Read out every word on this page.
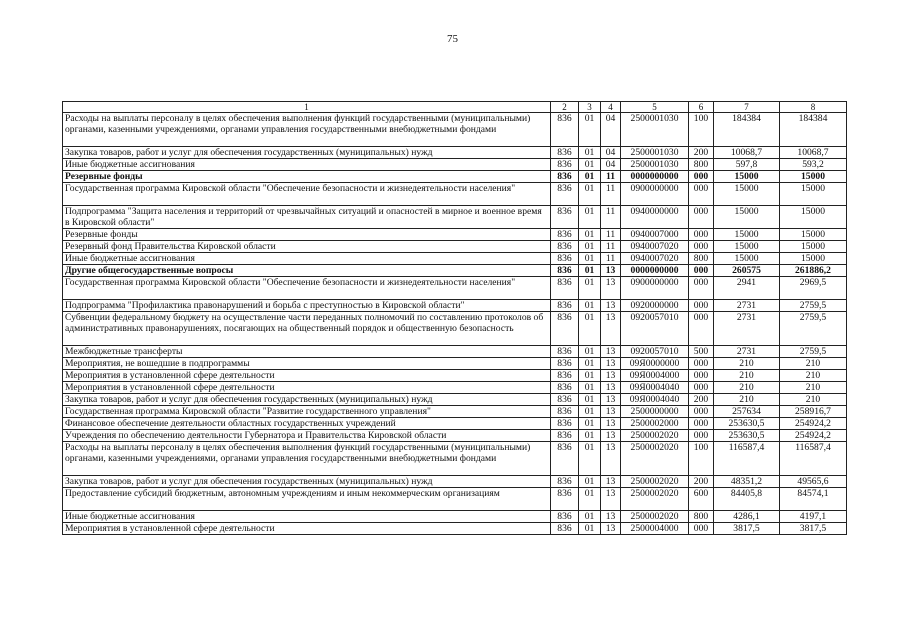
75
1	2	3	4	5	6	7	8
Расходы на выплаты персоналу в целях обеспечения выполнения функций государственными (муниципальными) органами, казенными учреждениями, органами управления государственными внебюджетными фондами	836	01	04	2500001030	100	184384	184384
Закупка товаров, работ и услуг для обеспечения государственных (муниципальных) нужд	836	01	04	2500001030	200	10068,7	10068,7
Иные бюджетные ассигнования	836	01	04	2500001030	800	597,8	593,2
Резервные фонды	836	01	11	0000000000	000	15000	15000
Государственная программа Кировской области "Обеспечение безопасности и жизнедеятельности населения"	836	01	11	0900000000	000	15000	15000
Подпрограмма "Защита населения и территорий от чрезвычайных ситуаций и опасностей в мирное и военное время в Кировской области"	836	01	11	0940000000	000	15000	15000
Резервные фонды	836	01	11	0940007000	000	15000	15000
Резервный фонд Правительства Кировской области	836	01	11	0940007020	000	15000	15000
Иные бюджетные ассигнования	836	01	11	0940007020	800	15000	15000
Другие общегосударственные вопросы	836	01	13	0000000000	000	260575	261886,2
Государственная программа Кировской области "Обеспечение безопасности и жизнедеятельности населения"	836	01	13	0900000000	000	2941	2969,5
Подпрограмма "Профилактика правонарушений и борьба с преступностью в Кировской области"	836	01	13	0920000000	000	2731	2759,5
Субвенции федеральному бюджету на осуществление части переданных полномочий по составлению протоколов об административных правонарушениях, посягающих на общественный порядок и общественную безопасность	836	01	13	0920057010	000	2731	2759,5
Межбюджетные трансферты	836	01	13	0920057010	500	2731	2759,5
Мероприятия, не вошедшие в подпрограммы	836	01	13	09Я0000000	000	210	210
Мероприятия в установленной сфере деятельности	836	01	13	09Я0004000	000	210	210
Мероприятия в установленной сфере деятельности	836	01	13	09Я0004040	000	210	210
Закупка товаров, работ и услуг для обеспечения государственных (муниципальных) нужд	836	01	13	09Я0004040	200	210	210
Государственная программа Кировской области "Развитие государственного управления"	836	01	13	2500000000	000	257634	258916,7
Финансовое обеспечение деятельности областных государственных учреждений	836	01	13	2500002000	000	253630,5	254924,2
Учреждения по обеспечению деятельности Губернатора и Правительства Кировской области	836	01	13	2500002020	000	253630,5	254924,2
Расходы на выплаты персоналу в целях обеспечения выполнения функций государственными (муниципальными) органами, казенными учреждениями, органами управления государственными внебюджетными фондами	836	01	13	2500002020	100	116587,4	116587,4
Закупка товаров, работ и услуг для обеспечения государственных (муниципальных) нужд	836	01	13	2500002020	200	48351,2	49565,6
Предоставление субсидий бюджетным, автономным учреждениям и иным некоммерческим организациям	836	01	13	2500002020	600	84405,8	84574,1
Иные бюджетные ассигнования	836	01	13	2500002020	800	4286,1	4197,1
Мероприятия в установленной сфере деятельности	836	01	13	2500004000	000	3817,5	3817,5
